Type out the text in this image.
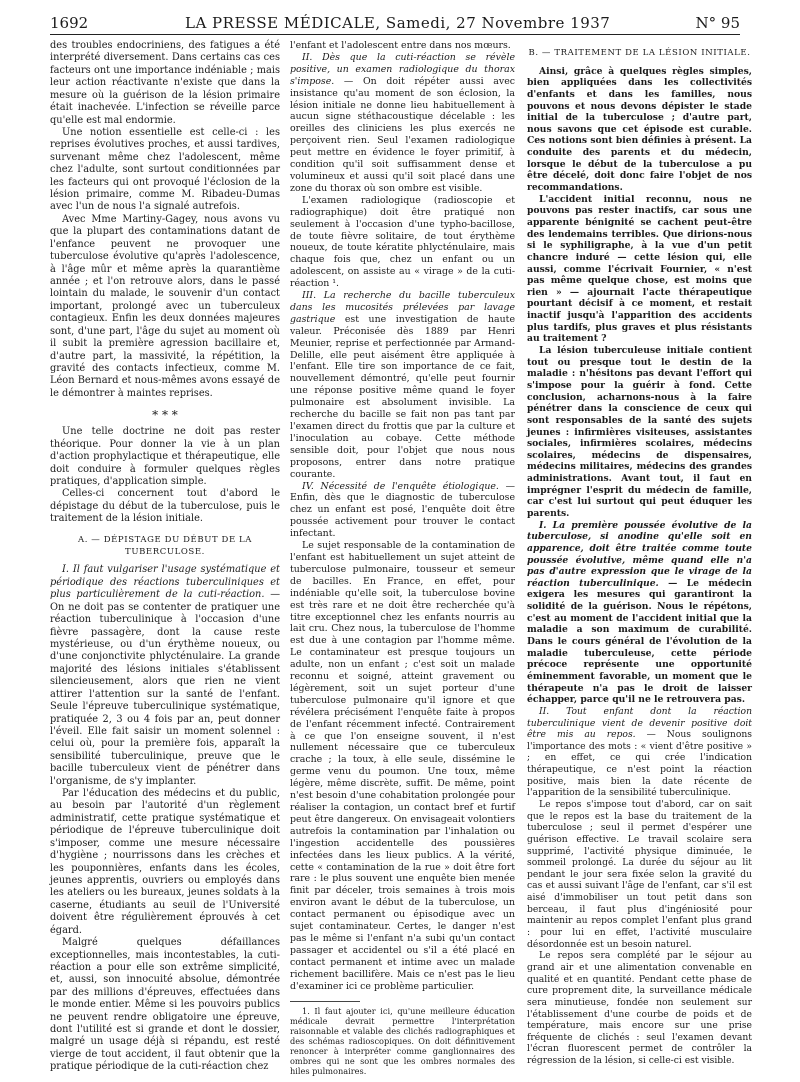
1692	LA PRESSE MÉDICALE, Samedi, 27 Novembre 1937	N° 95

des troubles endocriniens, des fatigues a été interprété diversement. Dans certains cas ces facteurs ont une importance indéniable ; mais leur action réactivante n'existe que dans la mesure où la guérison de la lésion primaire était inachevée. L'infection se réveille parce qu'elle est mal endormie.

Une notion essentielle est celle-ci : les reprises évolutives proches, et aussi tardives, survenant même chez l'adolescent, même chez l'adulte, sont surtout conditionnées par les facteurs qui ont provoqué l'éclosion de la lésion primaire, comme M. Ribadeu-Dumas avec l'un de nous l'a signalé autrefois.

Avec Mme Martiny-Gagey, nous avons vu que la plupart des contaminations datant de l'enfance peuvent ne provoquer une tuberculose évolutive qu'après l'adolescence, à l'âge mûr et même après la quarantième année ; et l'on retrouve alors, dans le passé lointain du malade, le souvenir d'un contact important, prolongé avec un tuberculeux contagieux. Enfin les deux données majeures sont, d'une part, l'âge du sujet au moment où il subit la première agression bacillaire et, d'autre part, la massivité, la répétition, la gravité des contacts infectieux, comme M. Léon Bernard et nous-mêmes avons essayé de le démontrer à maintes reprises.

* * *

Une telle doctrine ne doit pas rester théorique. Pour donner la vie à un plan d'action prophylactique et thérapeutique, elle doit conduire à formuler quelques règles pratiques, d'application simple.

Celles-ci concernent tout d'abord le dépistage du début de la tuberculose, puis le traitement de la lésion initiale.

A. — DÉPISTAGE DU DÉBUT DE LA TUBERCULOSE.

I. Il faut vulgariser l'usage systématique et périodique des réactions tuberculiniques et plus particulièrement de la cuti-réaction. — On ne doit pas se contenter de pratiquer une réaction tuberculinique à l'occasion d'une fièvre passagère, dont la cause reste mystérieuse, ou d'un érythème noueux, ou d'une conjonctivite phlycténulaire. La grande majorité des lésions initiales s'établissent silencieusement, alors que rien ne vient attirer l'attention sur la santé de l'enfant. Seule l'épreuve tuberculinique systématique, pratiquée 2, 3 ou 4 fois par an, peut donner l'éveil. Elle fait saisir un moment solennel : celui où, pour la première fois, apparaît la sensibilité tuberculinique, preuve que le bacille tuberculeux vient de pénétrer dans l'organisme, de s'y implanter.

Par l'éducation des médecins et du public, au besoin par l'autorité d'un règlement administratif, cette pratique systématique et périodique de l'épreuve tuberculinique doit s'imposer, comme une mesure nécessaire d'hygiène ; nourrissons dans les crèches et les pouponnières, enfants dans les écoles, jeunes apprentis, ouvriers ou employés dans les ateliers ou les bureaux, jeunes soldats à la caserne, étudiants au seuil de l'Université doivent être régulièrement éprouvés à cet égard.

Malgré quelques défaillances exceptionnelles, mais incontestables, la cuti-réaction a pour elle son extrême simplicité, et, aussi, son innocuité absolue, démontrée par des millions d'épreuves, effectuées dans le monde entier. Même si les pouvoirs publics ne peuvent rendre obligatoire une épreuve, dont l'utilité est si grande et dont le dossier, malgré un usage déjà si répandu, est resté vierge de tout accident, il faut obtenir que la pratique périodique de la cuti-réaction chez

l'enfant et l'adolescent entre dans nos mœurs.

II. Dès que la cuti-réaction se révèle positive, un examen radiologique du thorax s'impose. — On doit répéter aussi avec insistance qu'au moment de son éclosion, la lésion initiale ne donne lieu habituellement à aucun signe stéthacoustique décelable : les oreilles des cliniciens les plus exercés ne perçoivent rien. Seul l'examen radiologique peut mettre en évidence le foyer primitif, à condition qu'il soit suffisamment dense et volumineux et aussi qu'il soit placé dans une zone du thorax où son ombre est visible.

L'examen radiologique (radioscopie et radiographique) doit être pratiqué non seulement à l'occasion d'une typho-bacillose, de toute fièvre solitaire, de tout érythème noueux, de toute kératite phlycténulaire, mais chaque fois que, chez un enfant ou un adolescent, on assiste au « virage » de la cuti-réaction ¹.

III. La recherche du bacille tuberculeux dans les mucosités prélevées par lavage gastrique est une investigation de haute valeur. Préconisée dès 1889 par Henri Meunier, reprise et perfectionnée par Armand-Delille, elle peut aisément être appliquée à l'enfant. Elle tire son importance de ce fait, nouvellement démontré, qu'elle peut fournir une réponse positive même quand le foyer pulmonaire est absolument invisible. La recherche du bacille se fait non pas tant par l'examen direct du frottis que par la culture et l'inoculation au cobaye. Cette méthode sensible doit, pour l'objet que nous nous proposons, entrer dans notre pratique courante.

IV. Nécessité de l'enquête étiologique. — Enfin, dès que le diagnostic de tuberculose chez un enfant est posé, l'enquête doit être poussée activement pour trouver le contact infectant.

Le sujet responsable de la contamination de l'enfant est habituellement un sujet atteint de tuberculose pulmonaire, tousseur et semeur de bacilles. En France, en effet, pour indéniable qu'elle soit, la tuberculose bovine est très rare et ne doit être recherchée qu'à titre exceptionnel chez les enfants nourris au lait cru. Chez nous, la tuberculose de l'homme est due à une contagion par l'homme même. Le contaminateur est presque toujours un adulte, non un enfant ; c'est soit un malade reconnu et soigné, atteint gravement ou légèrement, soit un sujet porteur d'une tuberculose pulmonaire qu'il ignore et que révélera précisément l'enquête faite à propos de l'enfant récemment infecté. Contrairement à ce que l'on enseigne souvent, il n'est nullement nécessaire que ce tuberculeux crache ; la toux, à elle seule, dissémine le germe venu du poumon. Une toux, même légère, même discrète, suffit. De même, point n'est besoin d'une cohabitation prolongée pour réaliser la contagion, un contact bref et furtif peut être dangereux. On envisageait volontiers autrefois la contamination par l'inhalation ou l'ingestion accidentelle des poussières infectées dans les lieux publics. A la vérité, cette « contamination de la rue » doit être fort rare : le plus souvent une enquête bien menée finit par déceler, trois semaines à trois mois environ avant le début de la tuberculose, un contact permanent ou épisodique avec un sujet contaminateur. Certes, le danger n'est pas le même si l'enfant n'a subi qu'un contact passager et accidentel ou s'il a été placé en contact permanent et intime avec un malade richement bacillifère. Mais ce n'est pas le lieu d'examiner ici ce problème particulier.

1. Il faut ajouter ici, qu'une meilleure éducation médicale devrait permettre l'interprétation raisonnable et valable des clichés radiographiques et des schémas radioscopiques. On doit définitivement renoncer à interpréter comme ganglionnaires des ombres qui ne sont que les ombres normales des hiles pulmonaires.

B. — TRAITEMENT DE LA LÉSION INITIALE.

Ainsi, grâce à quelques règles simples, bien appliquées dans les collectivités d'enfants et dans les familles, nous pouvons et nous devons dépister le stade initial de la tuberculose ; d'autre part, nous savons que cet épisode est curable. Ces notions sont bien définies à présent. La conduite des parents et du médecin, lorsque le début de la tuberculose a pu être décelé, doit donc faire l'objet de nos recommandations.

L'accident initial reconnu, nous ne pouvons pas rester inactifs, car sous une apparente bénignité se cachent peut-être des lendemains terribles. Que dirions-nous si le syphiligraphe, à la vue d'un petit chancre induré — cette lésion qui, elle aussi, comme l'écrivait Fournier, « n'est pas même quelque chose, est moins que rien » — ajournait l'acte thérapeutique pourtant décisif à ce moment, et restait inactif jusqu'à l'apparition des accidents plus tardifs, plus graves et plus résistants au traitement ?

La lésion tuberculeuse initiale contient tout ou presque tout le destin de la maladie : n'hésitons pas devant l'effort qui s'impose pour la guérir à fond. Cette conclusion, acharnons-nous à la faire pénétrer dans la conscience de ceux qui sont responsables de la santé des sujets jeunes : infirmières visiteuses, assistantes sociales, infirmières scolaires, médecins scolaires, médecins de dispensaires, médecins militaires, médecins des grandes administrations. Avant tout, il faut en imprégner l'esprit du médecin de famille, car c'est lui surtout qui peut éduquer les parents.

I. La première poussée évolutive de la tuberculose, si anodine qu'elle soit en apparence, doit être traitée comme toute poussée évolutive, même quand elle n'a pas d'autre expression que le virage de la réaction tuberculinique. — Le médecin exigera les mesures qui garantiront la solidité de la guérison. Nous le répétons, c'est au moment de l'accident initial que la maladie a son maximum de curabilité. Dans le cours général de l'évolution de la maladie tuberculeuse, cette période précoce représente une opportunité éminemment favorable, un moment que le thérapeute n'a pas le droit de laisser échapper, parce qu'il ne le retrouvera pas.

II. Tout enfant dont la réaction tuberculinique vient de devenir positive doit être mis au repos. — Nous soulignons l'importance des mots : « vient d'être positive » ; en effet, ce qui crée l'indication thérapeutique, ce n'est point la réaction positive, mais bien la date récente de l'apparition de la sensibilité tuberculinique.

Le repos s'impose tout d'abord, car on sait que le repos est la base du traitement de la tuberculose ; seul il permet d'espérer une guérison effective. Le travail scolaire sera supprimé, l'activité physique diminuée, le sommeil prolongé. La durée du séjour au lit pendant le jour sera fixée selon la gravité du cas et aussi suivant l'âge de l'enfant, car s'il est aisé d'immobiliser un tout petit dans son berceau, il faut plus d'ingéniosité pour maintenir au repos complet l'enfant plus grand : pour lui en effet, l'activité musculaire désordonnée est un besoin naturel.

Le repos sera complété par le séjour au grand air et une alimentation convenable en qualité et en quantité. Pendant cette phase de cure proprement dite, la surveillance médicale sera minutieuse, fondée non seulement sur l'établissement d'une courbe de poids et de température, mais encore sur une prise fréquente de clichés : seul l'examen devant l'écran fluorescent permet de contrôler la régression de la lésion, si celle-ci est visible.
